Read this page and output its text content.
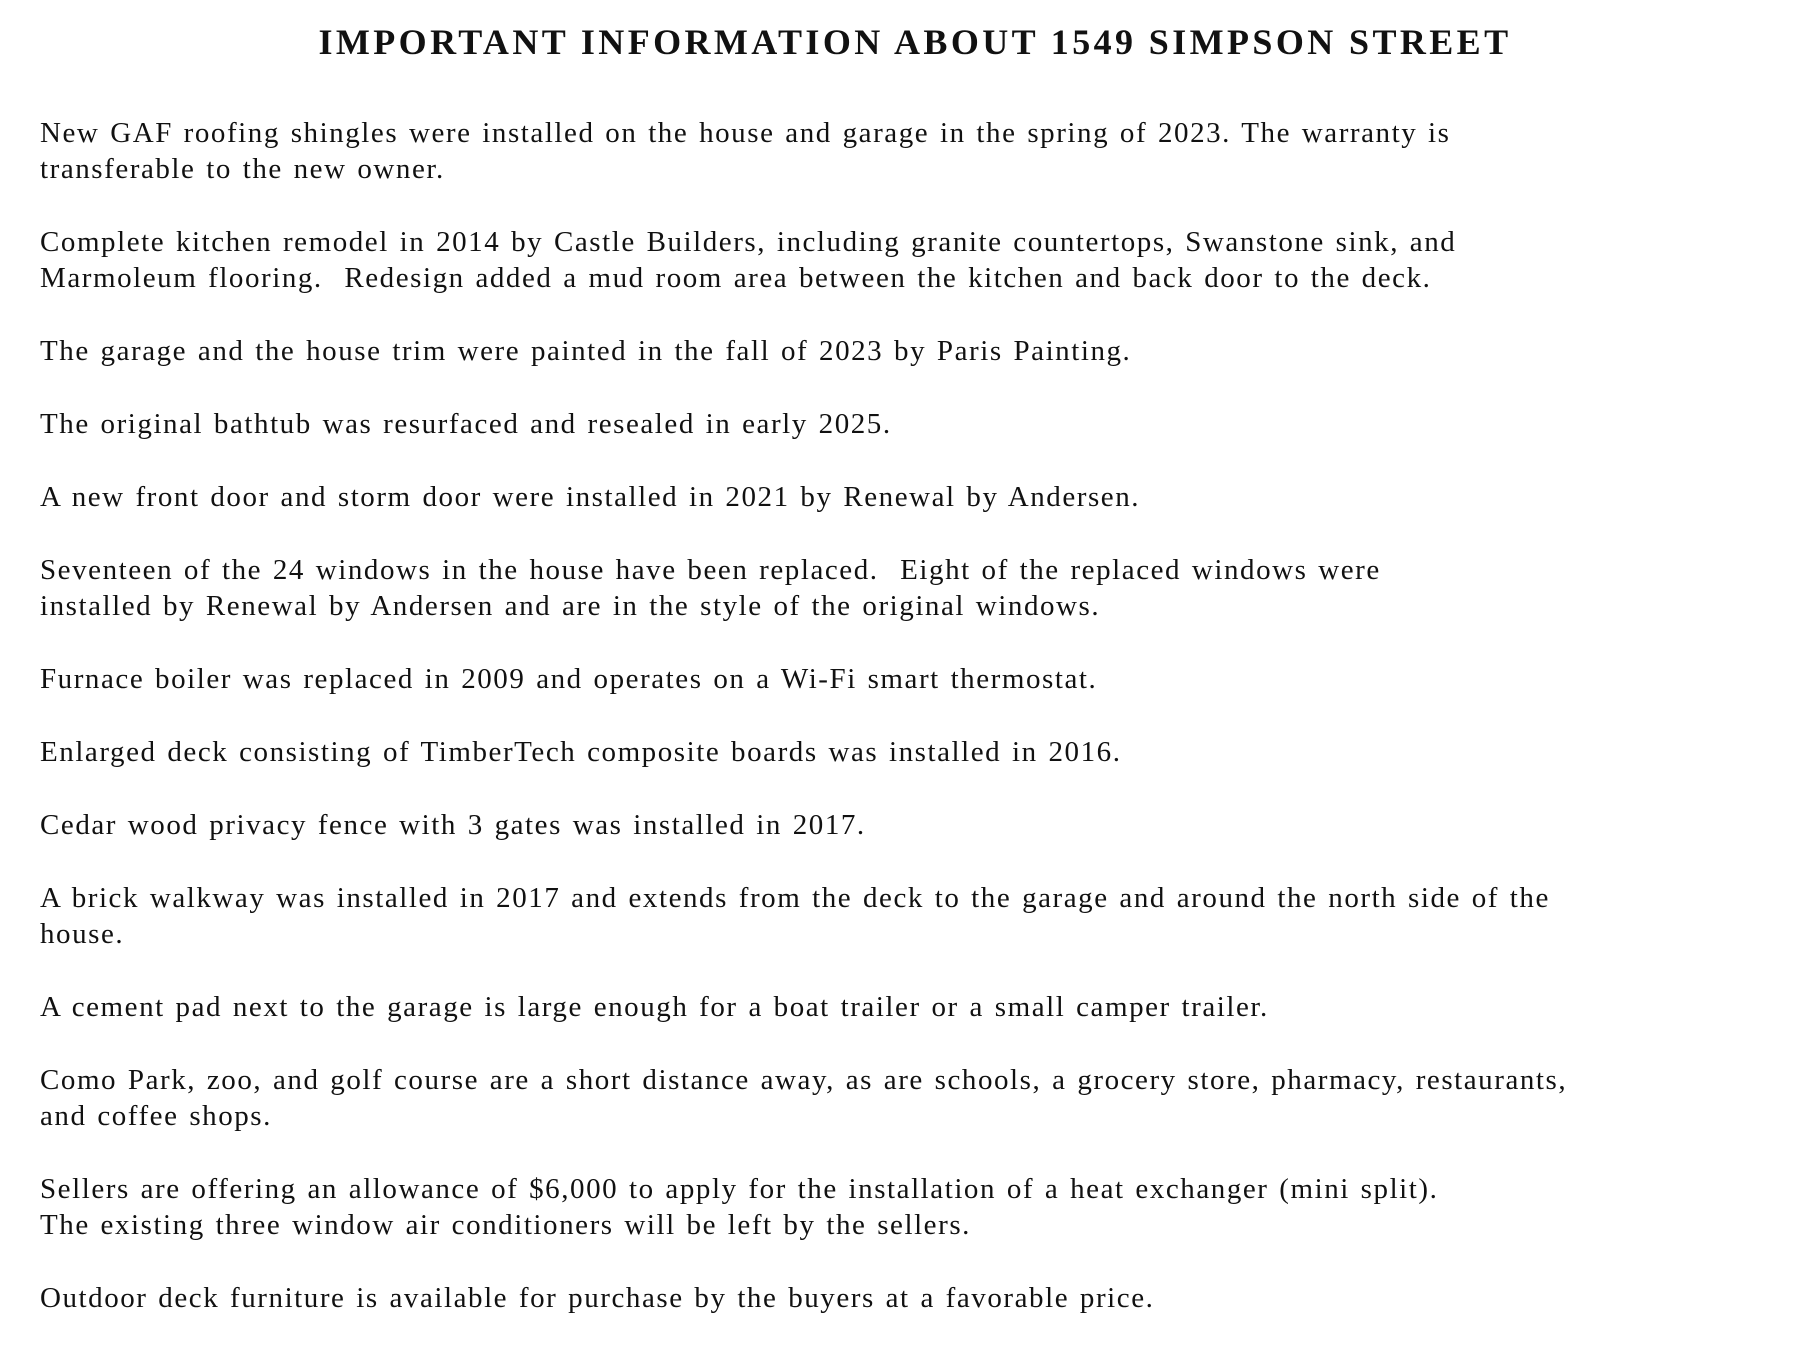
IMPORTANT INFORMATION ABOUT 1549 SIMPSON STREET

New GAF roofing shingles were installed on the house and garage in the spring of 2023. The warranty is
transferable to the new owner.

Complete kitchen remodel in 2014 by Castle Builders, including granite countertops, Swanstone sink, and
Marmoleum flooring.  Redesign added a mud room area between the kitchen and back door to the deck.

The garage and the house trim were painted in the fall of 2023 by Paris Painting.

The original bathtub was resurfaced and resealed in early 2025.

A new front door and storm door were installed in 2021 by Renewal by Andersen.

Seventeen of the 24 windows in the house have been replaced.  Eight of the replaced windows were
installed by Renewal by Andersen and are in the style of the original windows.

Furnace boiler was replaced in 2009 and operates on a Wi-Fi smart thermostat.

Enlarged deck consisting of TimberTech composite boards was installed in 2016.

Cedar wood privacy fence with 3 gates was installed in 2017.

A brick walkway was installed in 2017 and extends from the deck to the garage and around the north side of the
house.

A cement pad next to the garage is large enough for a boat trailer or a small camper trailer.

Como Park, zoo, and golf course are a short distance away, as are schools, a grocery store, pharmacy, restaurants,
and coffee shops.

Sellers are offering an allowance of $6,000 to apply for the installation of a heat exchanger (mini split).
The existing three window air conditioners will be left by the sellers.

Outdoor deck furniture is available for purchase by the buyers at a favorable price.
